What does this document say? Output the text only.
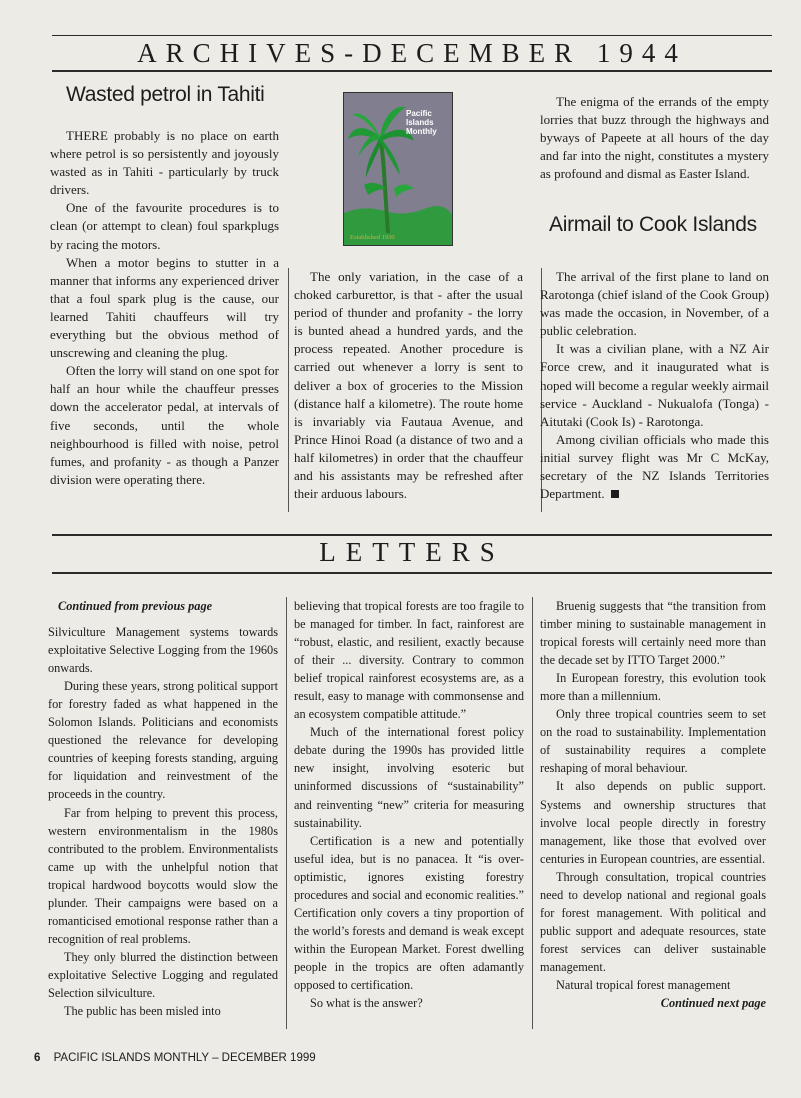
ARCHIVES-DECEMBER 1944
Wasted petrol in Tahiti

THERE probably is no place on earth where petrol is so persistently and joyously wasted as in Tahiti - particularly by truck drivers.

One of the favourite procedures is to clean (or attempt to clean) foul sparkplugs by racing the motors.

When a motor begins to stutter in a manner that informs any experienced driver that a foul spark plug is the cause, our learned Tahiti chauffeurs will try everything but the obvious method of unscrewing and cleaning the plug.

Often the lorry will stand on one spot for half an hour while the chauffeur presses down the accelerator pedal, at intervals of five seconds, until the whole neighbourhood is filled with noise, petrol fumes, and profanity - as though a Panzer division were operating there.

Pacific Islands
Monthly
Established 1930

The only variation, in the case of a choked carburettor, is that - after the usual period of thunder and profanity - the lorry is bunted ahead a hundred yards, and the process repeated. Another procedure is carried out whenever a lorry is sent to deliver a box of groceries to the Mission (distance half a kilometre). The route home is invariably via Fautaua Avenue, and Prince Hinoi Road (a distance of two and a half kilometres) in order that the chauffeur and his assistants may be refreshed after their arduous labours.

The enigma of the errands of the empty lorries that buzz through the highways and byways of Papeete at all hours of the day and far into the night, constitutes a mystery as profound and dismal as Easter Island.

Airmail to Cook Islands

The arrival of the first plane to land on Rarotonga (chief island of the Cook Group) was made the occasion, in November, of a public celebration.

It was a civilian plane, with a NZ Air Force crew, and it inaugurated what is hoped will become a regular weekly airmail service - Auckland - Nukualofa (Tonga) - Aitutaki (Cook Is) - Rarotonga.

Among civilian officials who made this initial survey flight was Mr C McKay, secretary of the NZ Islands Territories Department.

LETTERS

Continued from previous page

Silviculture Management systems towards exploitative Selective Logging from the 1960s onwards.

During these years, strong political support for forestry faded as what happened in the Solomon Islands. Politicians and economists questioned the relevance for developing countries of keeping forests standing, arguing for liquidation and reinvestment of the proceeds in the country.

Far from helping to prevent this process, western environmentalism in the 1980s contributed to the problem. Environmentalists came up with the unhelpful notion that tropical hardwood boycotts would slow the plunder. Their campaigns were based on a romanticised emotional response rather than a recognition of real problems.

They only blurred the distinction between exploitative Selective Logging and regulated Selection silviculture.

The public has been misled into

believing that tropical forests are too fragile to be managed for timber. In fact, rainforest are “robust, elastic, and resilient, exactly because of their ... diversity. Contrary to common belief tropical rainforest ecosystems are, as a result, easy to manage with commonsense and an ecosystem compatible attitude.”

Much of the international forest policy debate during the 1990s has provided little new insight, involving esoteric but uninformed discussions of “sustainability” and reinventing “new” criteria for measuring sustainability.

Certification is a new and potentially useful idea, but is no panacea. It “is over-optimistic, ignores existing forestry procedures and social and economic realities.” Certification only covers a tiny proportion of the world’s forests and demand is weak except within the European Market. Forest dwelling people in the tropics are often adamantly opposed to certification.

So what is the answer?

Bruenig suggests that “the transition from timber mining to sustainable management in tropical forests will certainly need more than the decade set by ITTO Target 2000.”

In European forestry, this evolution took more than a millennium.

Only three tropical countries seem to set on the road to sustainability. Implementation of sustainability requires a complete reshaping of moral behaviour.

It also depends on public support. Systems and ownership structures that involve local people directly in forestry management, like those that evolved over centuries in European countries, are essential.

Through consultation, tropical countries need to develop national and regional goals for forest management. With political and public support and adequate resources, state forest services can deliver sustainable management.

Natural tropical forest management

Continued next page

6 PACIFIC ISLANDS MONTHLY – DECEMBER 1999
